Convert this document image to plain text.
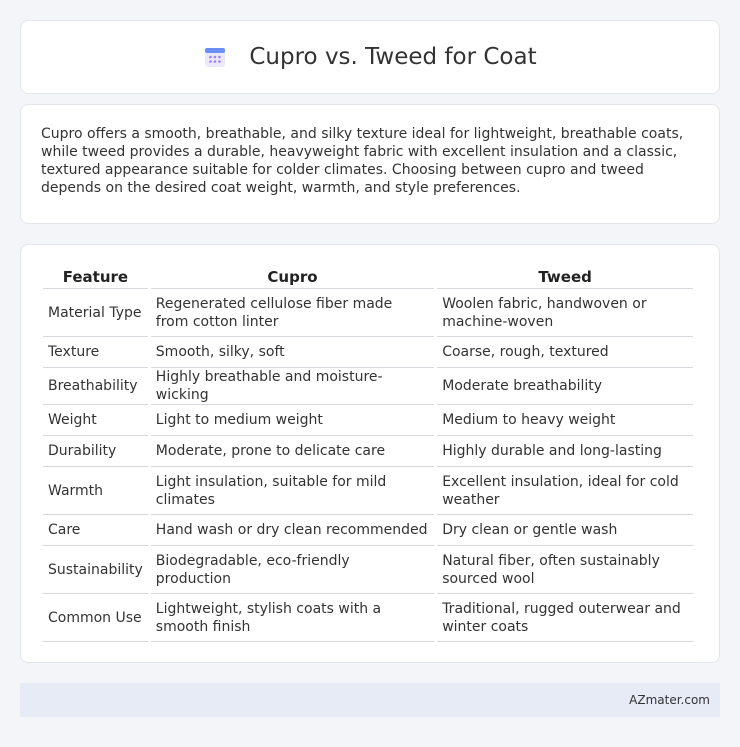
Cupro vs. Tweed for Coat

Cupro offers a smooth, breathable, and silky texture ideal for lightweight, breathable coats, while tweed provides a durable, heavyweight fabric with excellent insulation and a classic, textured appearance suitable for colder climates. Choosing between cupro and tweed depends on the desired coat weight, warmth, and style preferences.

Feature	Cupro	Tweed
Material Type	Regenerated cellulose fiber made from cotton linter	Woolen fabric, handwoven or machine-woven
Texture	Smooth, silky, soft	Coarse, rough, textured
Breathability	Highly breathable and moisture-wicking	Moderate breathability
Weight	Light to medium weight	Medium to heavy weight
Durability	Moderate, prone to delicate care	Highly durable and long-lasting
Warmth	Light insulation, suitable for mild climates	Excellent insulation, ideal for cold weather
Care	Hand wash or dry clean recommended	Dry clean or gentle wash
Sustainability	Biodegradable, eco-friendly production	Natural fiber, often sustainably sourced wool
Common Use	Lightweight, stylish coats with a smooth finish	Traditional, rugged outerwear and winter coats
AZmater.com
